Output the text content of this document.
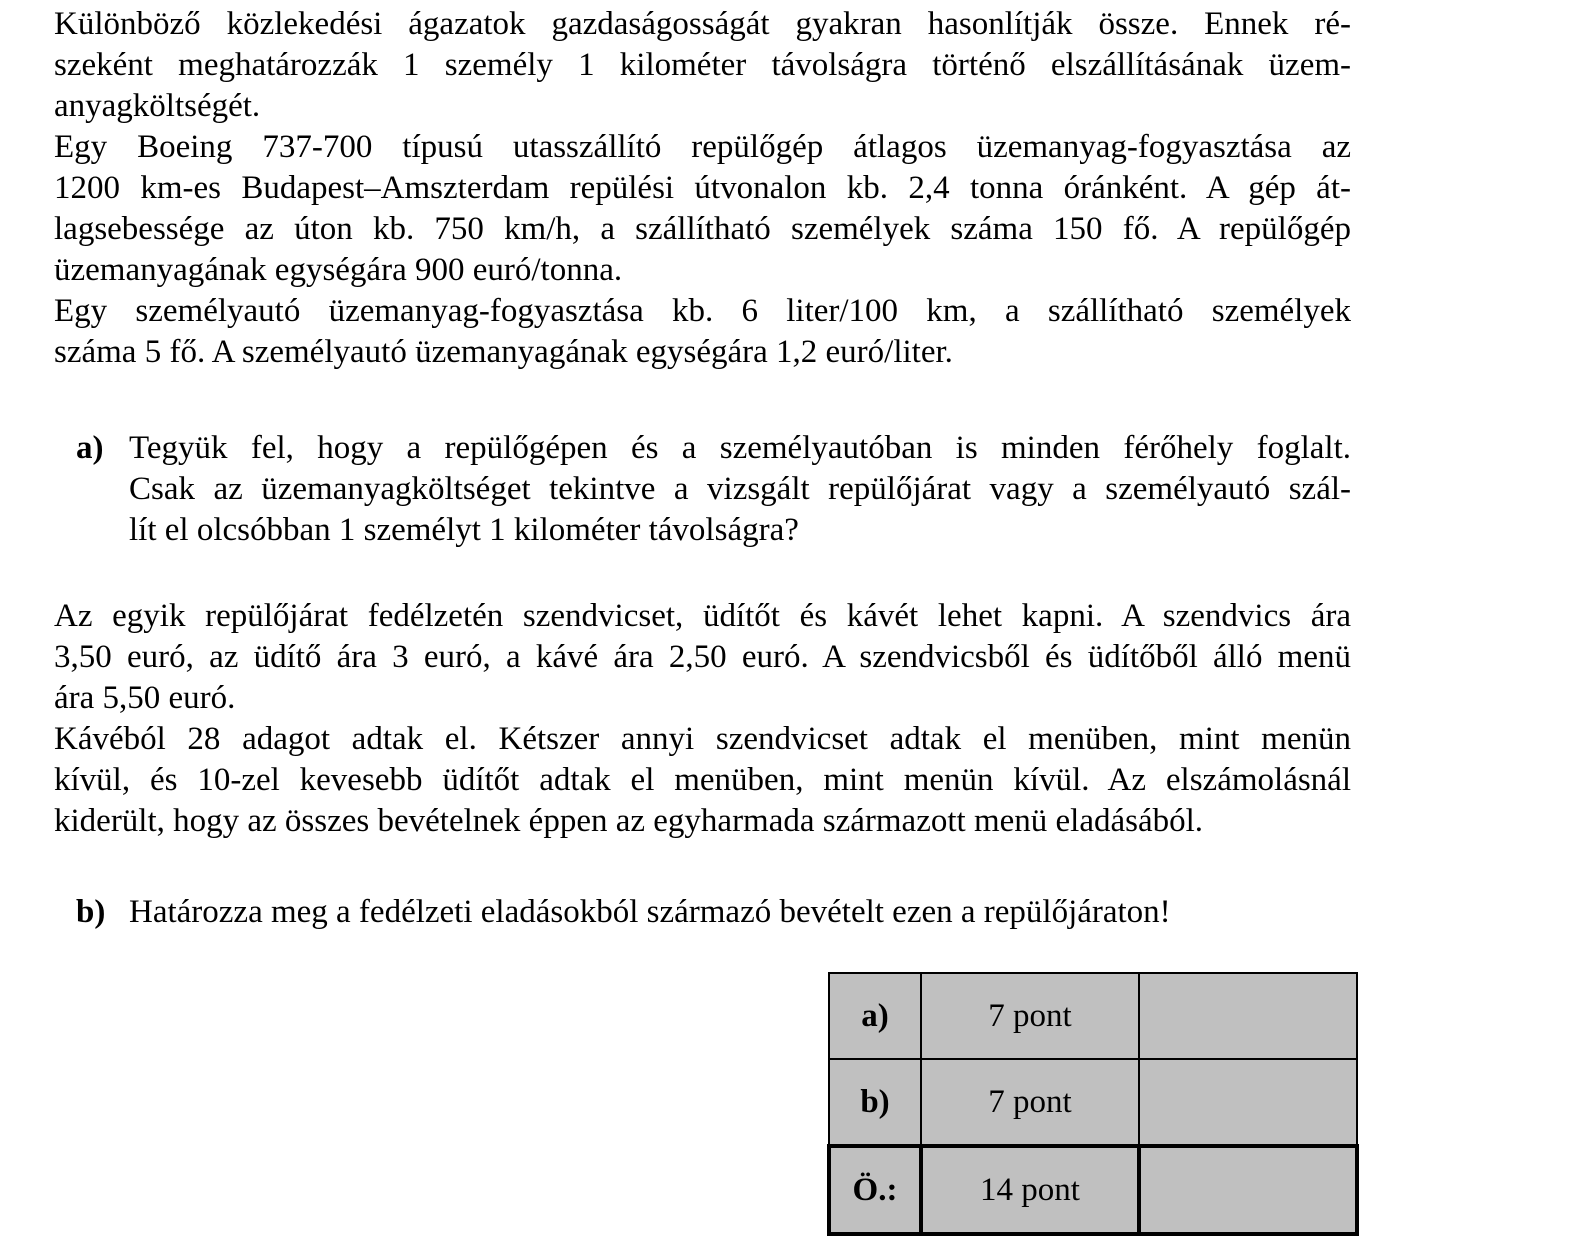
Különböző közlekedési ágazatok gazdaságosságát gyakran hasonlítják össze. Ennek ré-
szeként meghatározzák 1 személy 1 kilométer távolságra történő elszállításának üzem-
anyagköltségét.
Egy Boeing 737-700 típusú utasszállító repülőgép átlagos üzemanyag-fogyasztása az
1200 km-es Budapest–Amszterdam repülési útvonalon kb. 2,4 tonna óránként. A gép át-
lagsebessége az úton kb. 750 km/h, a szállítható személyek száma 150 fő. A repülőgép
üzemanyagának egységára 900 euró/tonna.
Egy személyautó üzemanyag-fogyasztása kb. 6 liter/100 km, a szállítható személyek
száma 5 fő. A személyautó üzemanyagának egységára 1,2 euró/liter.
a) Tegyük fel, hogy a repülőgépen és a személyautóban is minden férőhely foglalt.
Csak az üzemanyagköltséget tekintve a vizsgált repülőjárat vagy a személyautó szál-
lít el olcsóbban 1 személyt 1 kilométer távolságra?
Az egyik repülőjárat fedélzetén szendvicset, üdítőt és kávét lehet kapni. A szendvics ára
3,50 euró, az üdítő ára 3 euró, a kávé ára 2,50 euró. A szendvicsből és üdítőből álló menü
ára 5,50 euró.
Kávéból 28 adagot adtak el. Kétszer annyi szendvicset adtak el menüben, mint menün
kívül, és 10-zel kevesebb üdítőt adtak el menüben, mint menün kívül. Az elszámolásnál
kiderült, hogy az összes bevételnek éppen az egyharmada származott menü eladásából.
b) Határozza meg a fedélzeti eladásokból származó bevételt ezen a repülőjáraton!
a)	7 pont	
b)	7 pont	
Ö.:	14 pont	
